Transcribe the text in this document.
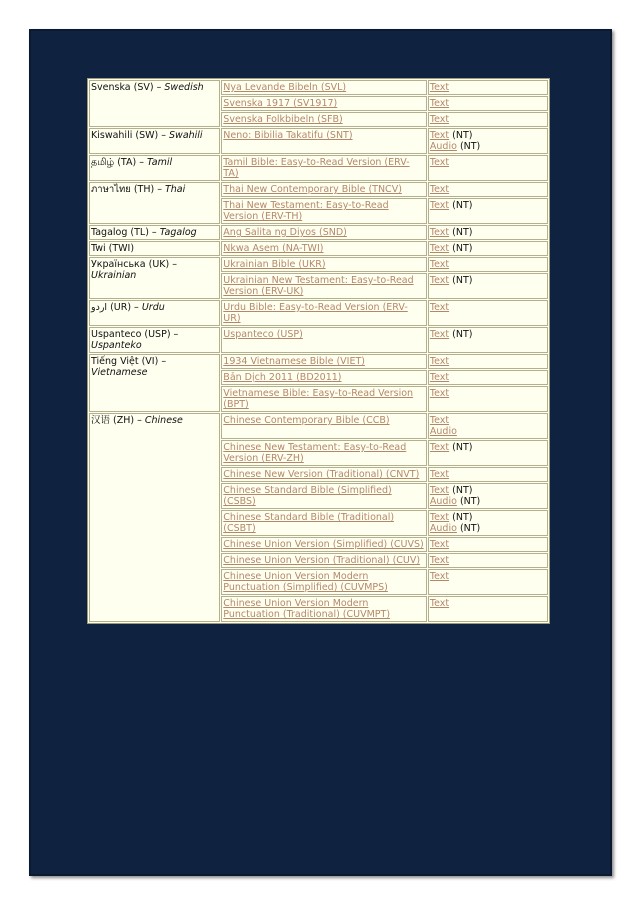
Svenska (SV) – Swedish	Nya Levande Bibeln (SVL)	Text

	Svenska 1917 (SV1917)	Text

	Svenska Folkbibeln (SFB)	Text

Kiswahili (SW) – Swahili	Neno: Bibilia Takatifu (SNT)	Text (NT)
Audio (NT)

தமிழ் (TA) – Tamil	Tamil Bible: Easy-to-Read Version (ERV-TA)	Text

ภาษาไทย (TH) – Thai	Thai New Contemporary Bible (TNCV)	Text

	Thai New Testament: Easy-to-Read Version (ERV-TH)	Text (NT)

Tagalog (TL) – Tagalog	Ang Salita ng Diyos (SND)	Text (NT)

Twi (TWI)	Nkwa Asem (NA-TWI)	Text (NT)

Українська (UK) – Ukrainian	Ukrainian Bible (UKR)	Text

	Ukrainian New Testament: Easy-to-Read Version (ERV-UK)	Text (NT)

اردو (UR) – Urdu	Urdu Bible: Easy-to-Read Version (ERV-UR)	Text

Uspanteco (USP) – Uspanteko	Uspanteco (USP)	Text (NT)

Tiếng Việt (VI) – Vietnamese	1934 Vietnamese Bible (VIET)	Text

	Bản Dịch 2011 (BD2011)	Text

	Vietnamese Bible: Easy-to-Read Version (BPT)	Text

汉语 (ZH) – Chinese	Chinese Contemporary Bible (CCB)	Text
Audio

	Chinese New Testament: Easy-to-Read Version (ERV-ZH)	Text (NT)

	Chinese New Version (Traditional) (CNVT)	Text

	Chinese Standard Bible (Simplified) (CSBS)	Text (NT)
Audio (NT)

	Chinese Standard Bible (Traditional) (CSBT)	Text (NT)
Audio (NT)

	Chinese Union Version (Simplified) (CUVS)	Text

	Chinese Union Version (Traditional) (CUV)	Text

	Chinese Union Version Modern Punctuation (Simplified) (CUVMPS)	Text

	Chinese Union Version Modern Punctuation (Traditional) (CUVMPT)	Text
